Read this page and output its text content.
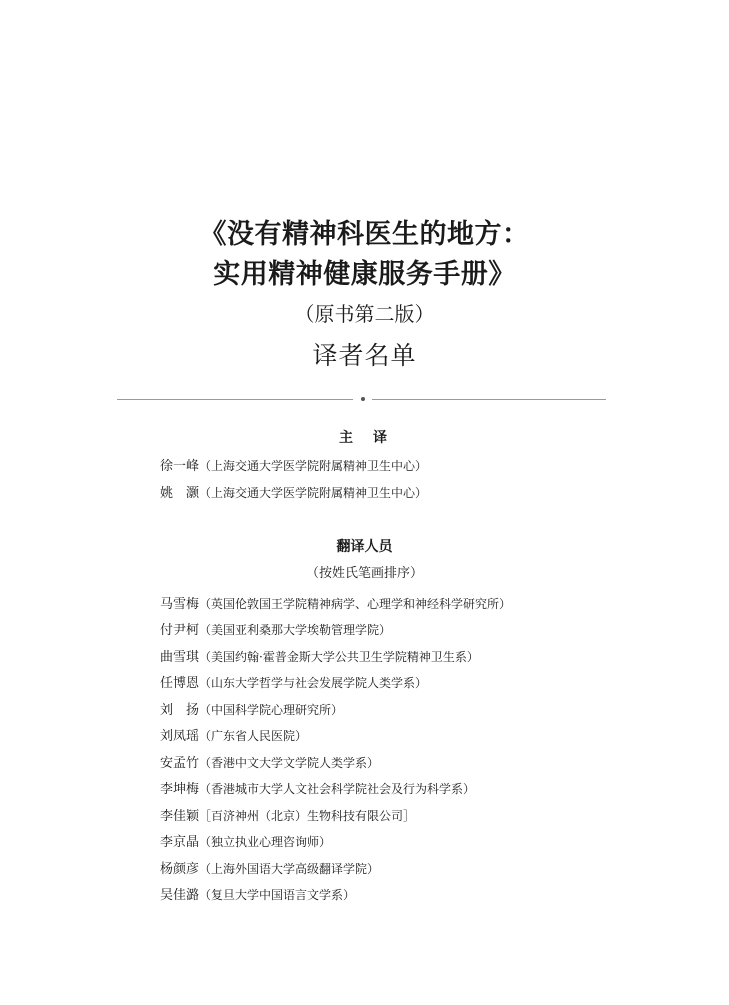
《没有精神科医生的地方：
实用精神健康服务手册》
（原书第二版）
译者名单
主　译
徐一峰（上海交通大学医学院附属精神卫生中心）
姚　灏（上海交通大学医学院附属精神卫生中心）
翻译人员
（按姓氏笔画排序）
马雪梅（英国伦敦国王学院精神病学、心理学和神经科学研究所）
付尹柯（美国亚利桑那大学埃勒管理学院）
曲雪琪（美国约翰·霍普金斯大学公共卫生学院精神卫生系）
任博恩（山东大学哲学与社会发展学院人类学系）
刘　扬（中国科学院心理研究所）
刘凤瑶（广东省人民医院）
安孟竹（香港中文大学文学院人类学系）
李坤梅（香港城市大学人文社会科学院社会及行为科学系）
李佳颖［百济神州（北京）生物科技有限公司］
李京晶（独立执业心理咨询师）
杨颜彦（上海外国语大学高级翻译学院）
吴佳潞（复旦大学中国语言文学系）
